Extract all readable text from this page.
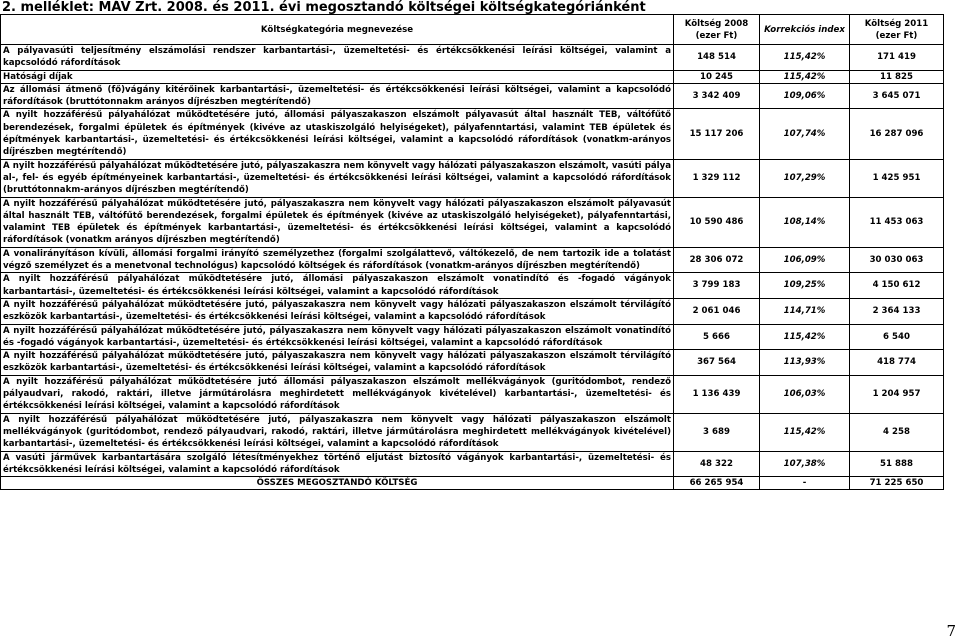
2. melléklet: MÁV Zrt. 2008. és 2011. évi megosztandó költségei költségkategóriánként
Költségkategória megnevezése	Költség 2008 (ezer Ft)	Korrekciós index	Költség 2011 (ezer Ft)
A pályavasúti teljesítmény elszámolási rendszer karbantartási-, üzemeltetési- és értékcsökkenési leírási költségei, valamint a kapcsolódó ráfordítások	148 514	115,42%	171 419
Hatósági díjak	10 245	115,42%	11 825
Az állomási átmenő (fő)vágány kitérőinek karbantartási-, üzemeltetési- és értékcsökkenési leírási költségei, valamint a kapcsolódó ráfordítások (bruttótonnakm arányos díjrészben megtérítendő)	3 342 409	109,06%	3 645 071
A nyilt hozzáférésű pályahálózat működtetésére jutó, állomási pályaszakaszon elszámolt pályavasút által használt TEB, váltófűtő berendezések, forgalmi épületek és építmények (kivéve az utaskiszolgáló helyiségeket), pályafenntartási, valamint TEB épületek és építmények karbantartási-, üzemeltetési- és értékcsökkenési leírási költségei, valamint a kapcsolódó ráfordítások (vonatkm-arányos díjrészben megtérítendő)	15 117 206	107,74%	16 287 096
A nyilt hozzáférésű pályahálózat működtetésére jutó, pályaszakaszra nem könyvelt vagy hálózati pályaszakaszon elszámolt, vasúti pálya al-, fel- és egyéb építményeinek karbantartási-, üzemeltetési- és értékcsökkenési leírási költségei, valamint a kapcsolódó ráfordítások (bruttótonnakm-arányos díjrészben megtérítendő)	1 329 112	107,29%	1 425 951
A nyilt hozzáférésű pályahálózat működtetésére jutó, pályaszakaszra nem könyvelt vagy hálózati pályaszakaszon elszámolt pályavasút által használt TEB, váltófűtő berendezések, forgalmi épületek és építmények (kivéve az utaskiszolgáló helyiségeket), pályafenntartási, valamint TEB épületek és építmények karbantartási-, üzemeltetési- és értékcsökkenési leírási költségei, valamint a kapcsolódó ráfordítások (vonatkm arányos díjrészben megtérítendő)	10 590 486	108,14%	11 453 063
A vonalirányításon kívüli, állomási forgalmi irányító személyzethez (forgalmi szolgálattevő, váltókezelő, de nem tartozik ide a tolatást végző személyzet és a menetvonal technológus) kapcsolódó költségek és ráfordítások (vonatkm-arányos díjrészben megtérítendő)	28 306 072	106,09%	30 030 063
A nyilt hozzáférésű pályahálózat működtetésére jutó, állomási pályaszakaszon elszámolt vonatindító és -fogadó vágányok karbantartási-, üzemeltetési- és értékcsökkenési leírási költségei, valamint a kapcsolódó ráfordítások	3 799 183	109,25%	4 150 612
A nyilt hozzáférésű pályahálózat működtetésére jutó, pályaszakaszra nem könyvelt vagy hálózati pályaszakaszon elszámolt térvilágító eszközök karbantartási-, üzemeltetési- és értékcsökkenési leírási költségei, valamint a kapcsolódó ráfordítások	2 061 046	114,71%	2 364 133
A nyilt hozzáférésű pályahálózat működtetésére jutó, pályaszakaszra nem könyvelt vagy hálózati pályaszakaszon elszámolt vonatindító és -fogadó vágányok karbantartási-, üzemeltetési- és értékcsökkenési leírási költségei, valamint a kapcsolódó ráfordítások	5 666	115,42%	6 540
A nyilt hozzáférésű pályahálózat működtetésére jutó, pályaszakaszra nem könyvelt vagy hálózati pályaszakaszon elszámolt térvilágító eszközök karbantartási-, üzemeltetési- és értékcsökkenési leírási költségei, valamint a kapcsolódó ráfordítások	367 564	113,93%	418 774
A nyilt hozzáférésű pályahálózat működtetésére jutó állomási pályaszakaszon elszámolt mellékvágányok (guritódombot, rendező pályaudvari, rakodó, raktári, illetve járműtárolásra meghirdetett mellékvágányok kivételével) karbantartási-, üzemeltetési- és értékcsökkenési leírási költségei, valamint a kapcsolódó ráfordítások	1 136 439	106,03%	1 204 957
A nyilt hozzáférésű pályahálózat működtetésére jutó, pályaszakaszra nem könyvelt vagy hálózati pályaszakaszon elszámolt mellékvágányok (guritódombot, rendező pályaudvari, rakodó, raktári, illetve járműtárolásra meghirdetett mellékvágányok kivételével) karbantartási-, üzemeltetési- és értékcsökkenési leírási költségei, valamint a kapcsolódó ráfordítások	3 689	115,42%	4 258
A vasúti járművek karbantartására szolgáló létesítményekhez történő eljutást biztosító vágányok karbantartási-, üzemeltetési- és értékcsökkenési leírási költségei, valamint a kapcsolódó ráfordítások	48 322	107,38%	51 888
ÖSSZES MEGOSZTANDÓ KÖLTSÉG	66 265 954	-	71 225 650
7
